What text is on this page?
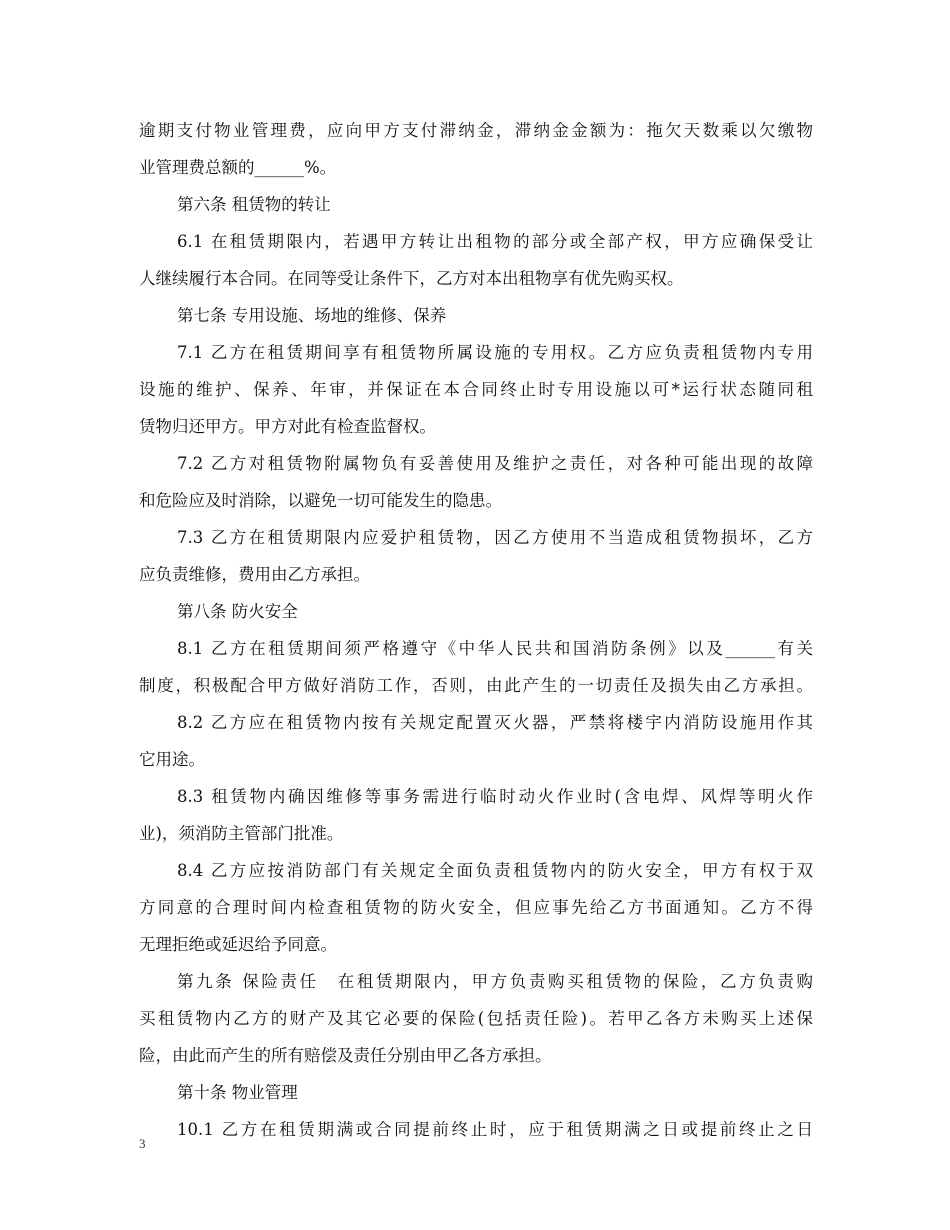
逾期支付物业管理费，应向甲方支付滞纳金，滞纳金金额为：拖欠天数乘以欠缴物
业管理费总额的______%。
第六条 租赁物的转让
6.1 在租赁期限内，若遇甲方转让出租物的部分或全部产权，甲方应确保受让
人继续履行本合同。在同等受让条件下，乙方对本出租物享有优先购买权。
第七条 专用设施、场地的维修、保养
7.1 乙方在租赁期间享有租赁物所属设施的专用权。乙方应负责租赁物内专用
设施的维护、保养、年审，并保证在本合同终止时专用设施以可*运行状态随同租
赁物归还甲方。甲方对此有检查监督权。
7.2 乙方对租赁物附属物负有妥善使用及维护之责任，对各种可能出现的故障
和危险应及时消除，以避免一切可能发生的隐患。
7.3 乙方在租赁期限内应爱护租赁物，因乙方使用不当造成租赁物损坏，乙方
应负责维修，费用由乙方承担。
第八条 防火安全
8.1 乙方在租赁期间须严格遵守《中华人民共和国消防条例》以及______有关
制度，积极配合甲方做好消防工作，否则，由此产生的一切责任及损失由乙方承担。
8.2 乙方应在租赁物内按有关规定配置灭火器，严禁将楼宇内消防设施用作其
它用途。
8.3 租赁物内确因维修等事务需进行临时动火作业时(含电焊、风焊等明火作
业)，须消防主管部门批准。
8.4 乙方应按消防部门有关规定全面负责租赁物内的防火安全，甲方有权于双
方同意的合理时间内检查租赁物的防火安全，但应事先给乙方书面通知。乙方不得
无理拒绝或延迟给予同意。
第九条 保险责任　在租赁期限内，甲方负责购买租赁物的保险，乙方负责购
买租赁物内乙方的财产及其它必要的保险(包括责任险)。若甲乙各方未购买上述保
险，由此而产生的所有赔偿及责任分别由甲乙各方承担。
第十条 物业管理
10.1 乙方在租赁期满或合同提前终止时，应于租赁期满之日或提前终止之日
3
